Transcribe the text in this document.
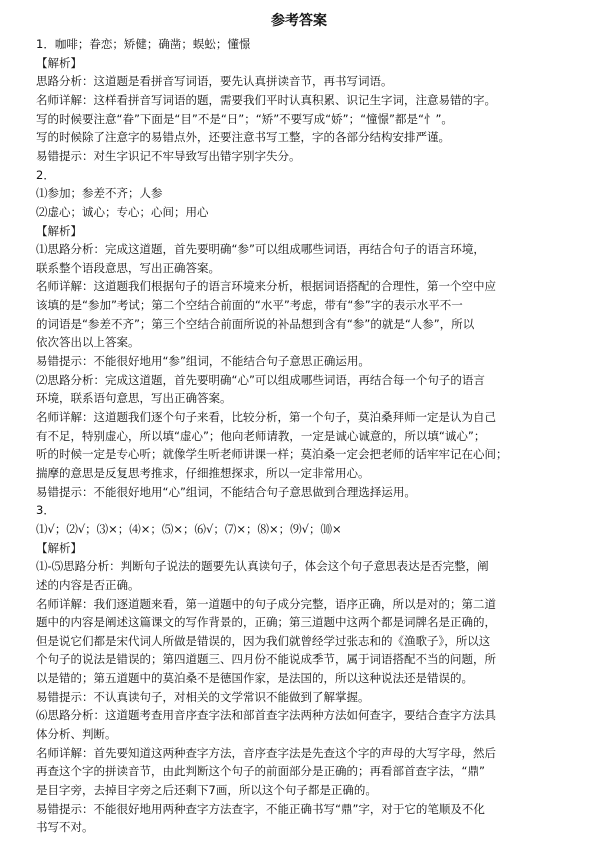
参考答案
1．咖啡；眷恋；矫健；确凿；蜈蚣；懂憬
【解析】
思路分析：这道题是看拼音写词语，要先认真拼读音节，再书写词语。
名师详解：这样看拼音写词语的题，需要我们平时认真积累、识记生字词，注意易错的字。
写的时候要注意“眷”下面是“目”不是“日”；“矫”不要写成“娇”；“憧憬”都是“忄”。
写的时候除了注意字的易错点外，还要注意书写工整，字的各部分结构安排严谨。
易错提示：对生字识记不牢导致写出错字别字失分。
2．
⑴参加；参差不齐；人参
⑵虚心；诚心；专心；心间；用心
【解析】
⑴思路分析：完成这道题，首先要明确“参”可以组成哪些词语，再结合句子的语言环境，
联系整个语段意思，写出正确答案。
名师详解：这道题我们根据句子的语言环境来分析，根据词语搭配的合理性，第一个空中应
该填的是“参加”考试；第二个空结合前面的“水平”考虑，带有“参”字的表示水平不一
的词语是“参差不齐”；第三个空结合前面所说的补品想到含有“参”的就是“人参”，所以
依次答出以上答案。
易错提示：不能很好地用“参”组词，不能结合句子意思正确运用。
⑵思路分析：完成这道题，首先要明确“心”可以组成哪些词语，再结合每一个句子的语言
环境，联系语句意思，写出正确答案。
名师详解：这道题我们逐个句子来看，比较分析，第一个句子，莫泊桑拜师一定是认为自己
有不足，特别虚心，所以填“虚心”；他向老师请教，一定是诚心诚意的，所以填“诚心”；
听的时候一定是专心听；就像学生听老师讲课一样；莫泊桑一定会把老师的话牢牢记在心间；
揣摩的意思是反复思考推求，仔细推想探求，所以一定非常用心。
易错提示：不能很好地用“心”组词，不能结合句子意思做到合理选择运用。
3．
⑴√；⑵√；⑶×；⑷×；⑸×；⑹√；⑺×；⑻×；⑼√；⑽×
【解析】
⑴-⑸思路分析：判断句子说法的题要先认真读句子，体会这个句子意思表达是否完整，阐
述的内容是否正确。
名师详解：我们逐道题来看，第一道题中的句子成分完整，语序正确，所以是对的；第二道
题中的内容是阐述这篇课文的写作背景的，正确；第三道题中这两个都是词牌名是正确的，
但是说它们都是宋代词人所做是错误的，因为我们就曾经学过张志和的《渔歌子》，所以这
个句子的说法是错误的；第四道题三、四月份不能说成季节，属于词语搭配不当的问题，所
以是错的；第五道题中的莫泊桑不是德国作家，是法国的，所以这种说法还是错误的。
易错提示：不认真读句子，对相关的文学常识不能做到了解掌握。
⑹思路分析：这道题考查用音序查字法和部首查字法两种方法如何查字，要结合查字方法具
体分析、判断。
名师详解：首先要知道这两种查字方法，音序查字法是先查这个字的声母的大写字母，然后
再查这个字的拼读音节，由此判断这个句子的前面部分是正确的；再看部首查字法，“鼎”
是目字旁，去掉目字旁之后还剩下7画，所以这个句子都是正确的。
易错提示：不能很好地用两种查字方法查字，不能正确书写“鼎”字，对于它的笔顺及不化
书写不对。
